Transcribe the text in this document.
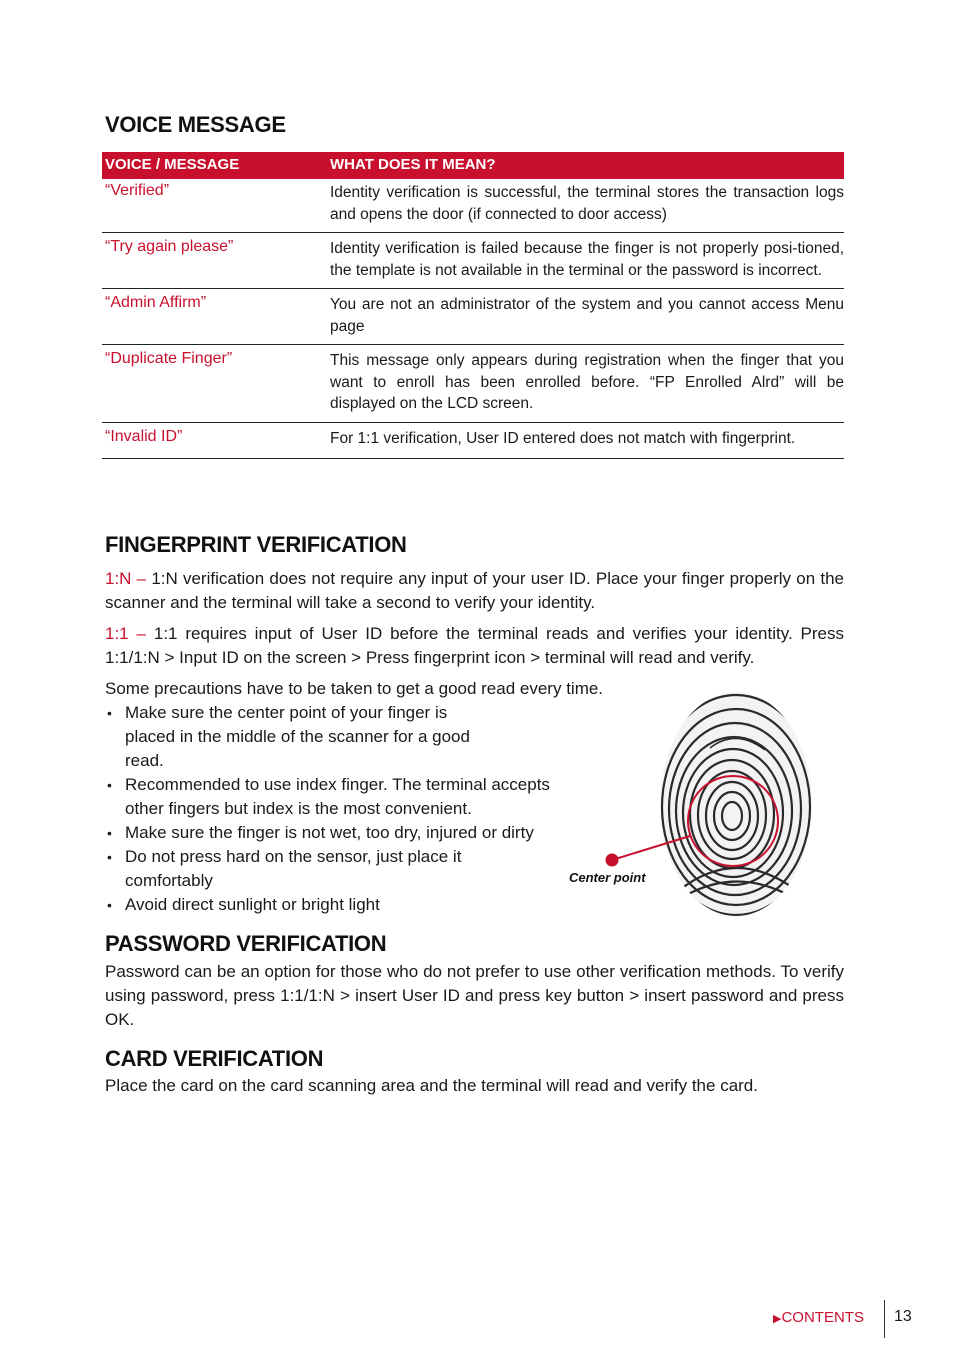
VOICE MESSAGE
VOICE / MESSAGE	WHAT DOES IT MEAN?
“Verified”	Identity verification is successful, the terminal stores the transaction logs and opens the door (if connected to door access)
“Try again please”	Identity verification is failed because the finger is not properly posi-tioned, the template is not available in the terminal or the password is incorrect.
“Admin Affirm”	You are not an administrator of the system and you cannot access Menu page
“Duplicate Finger”	This message only appears during registration when the finger that you want to enroll has been enrolled before. “FP Enrolled Alrd” will be displayed on the LCD screen.
“Invalid ID”	For 1:1 verification, User ID entered does not match with fingerprint.
FINGERPRINT VERIFICATION

1:N – 1:N verification does not require any input of your user ID. Place your finger properly on the scanner and the terminal will take a second to verify your identity.

1:1 – 1:1 requires input of User ID before the terminal reads and verifies your identity. Press 1:1/1:N > Input ID on the screen > Press fingerprint icon > terminal will read and verify.

Some precautions have to be taken to get a good read every time.

• Make sure the center point of your finger is placed in the middle of the scanner for a good read.
• Recommended to use index finger. The terminal accepts other fingers but index is the most convenient.
• Make sure the finger is not wet, too dry, injured or dirty
• Do not press hard on the sensor, just place it comfortably
• Avoid direct sunlight or bright light
Center point
PASSWORD VERIFICATION

Password can be an option for those who do not prefer to use other verification methods. To verify using password, press 1:1/1:N > insert User ID and press key button > insert password and press OK.

CARD VERIFICATION

Place the card on the card scanning area and the terminal will read and verify the card.

▶CONTENTS 13
